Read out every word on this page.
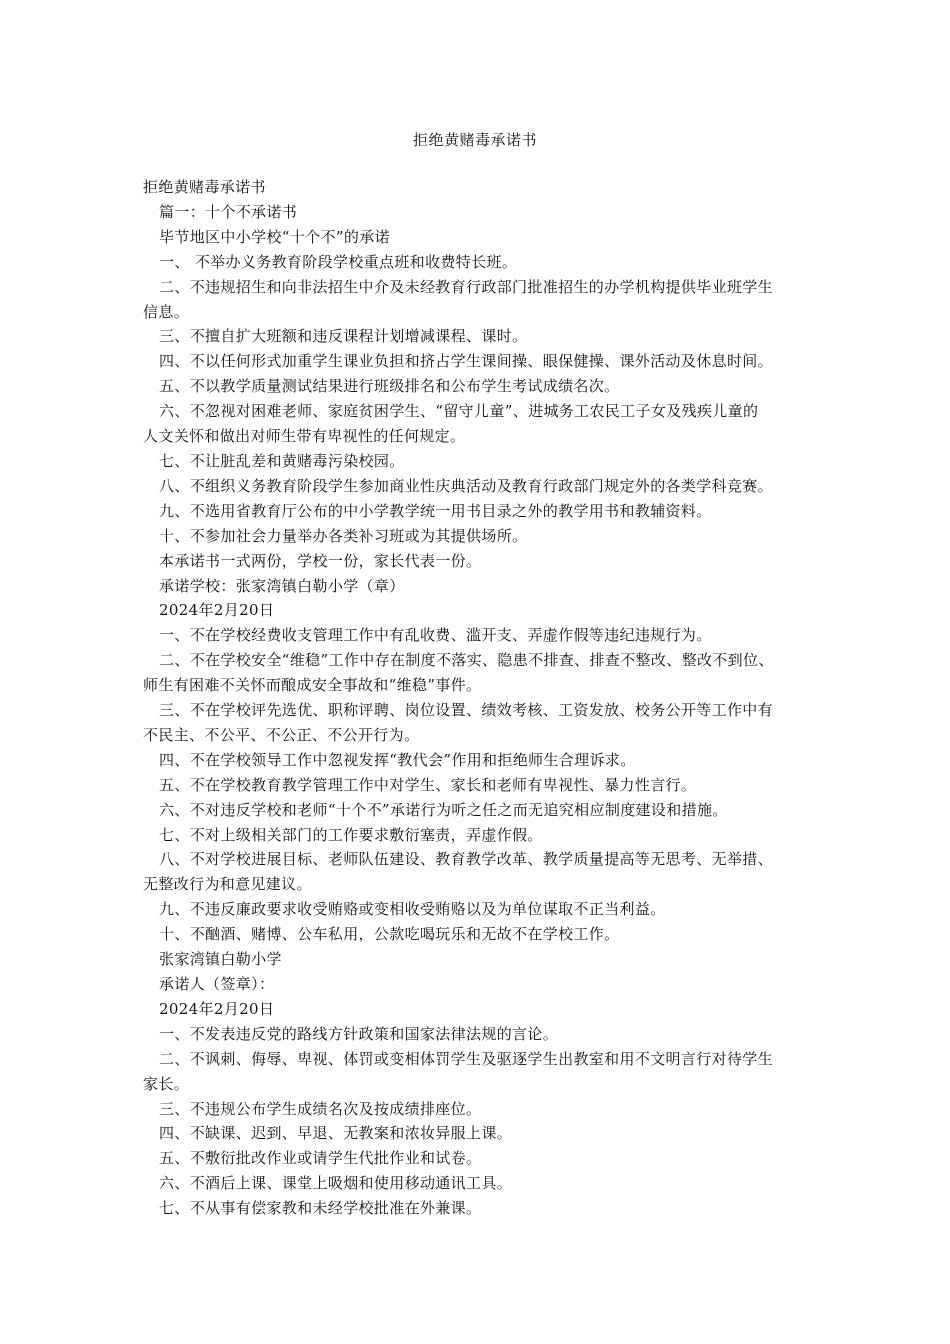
拒绝黄赌毒承诺书
拒绝黄赌毒承诺书
篇一：十个不承诺书
毕节地区中小学校“十个不”的承诺
一、 不举办义务教育阶段学校重点班和收费特长班。
二、不违规招生和向非法招生中介及未经教育行政部门批准招生的办学机构提供毕业班学生
信息。
三、不擅自扩大班额和违反课程计划增减课程、课时。
四、不以任何形式加重学生课业负担和挤占学生课间操、眼保健操、课外活动及休息时间。
五、不以教学质量测试结果进行班级排名和公布学生考试成绩名次。
六、不忽视对困难老师、家庭贫困学生、“留守儿童”、进城务工农民工子女及残疾儿童的
人文关怀和做出对师生带有卑视性的任何规定。
七、不让脏乱差和黄赌毒污染校园。
八、不组织义务教育阶段学生参加商业性庆典活动及教育行政部门规定外的各类学科竞赛。
九、不选用省教育厅公布的中小学教学统一用书目录之外的教学用书和教辅资料。
十、不参加社会力量举办各类补习班或为其提供场所。
本承诺书一式两份，学校一份，家长代表一份。
承诺学校：张家湾镇白勒小学（章）
2024年2月20日
一、不在学校经费收支管理工作中有乱收费、滥开支、弄虚作假等违纪违规行为。
二、不在学校安全“维稳”工作中存在制度不落实、隐患不排查、排查不整改、整改不到位、
师生有困难不关怀而酿成安全事故和“维稳”事件。
三、不在学校评先选优、职称评聘、岗位设置、绩效考核、工资发放、校务公开等工作中有
不民主、不公平、不公正、不公开行为。
四、不在学校领导工作中忽视发挥“教代会”作用和拒绝师生合理诉求。
五、不在学校教育教学管理工作中对学生、家长和老师有卑视性、暴力性言行。
六、不对违反学校和老师“十个不”承诺行为听之任之而无追究相应制度建设和措施。
七、不对上级相关部门的工作要求敷衍塞责，弄虚作假。
八、不对学校进展目标、老师队伍建设、教育教学改革、教学质量提高等无思考、无举措、
无整改行为和意见建议。
九、不违反廉政要求收受贿赂或变相收受贿赂以及为单位谋取不正当利益。
十、不酗酒、赌博、公车私用，公款吃喝玩乐和无故不在学校工作。
张家湾镇白勒小学
承诺人（签章）：
2024年2月20日
一、不发表违反党的路线方针政策和国家法律法规的言论。
二、不讽刺、侮辱、卑视、体罚或变相体罚学生及驱逐学生出教室和用不文明言行对待学生
家长。
三、不违规公布学生成绩名次及按成绩排座位。
四、不缺课、迟到、早退、无教案和浓妆异服上课。
五、不敷衍批改作业或请学生代批作业和试卷。
六、不酒后上课、课堂上吸烟和使用移动通讯工具。
七、不从事有偿家教和未经学校批准在外兼课。
